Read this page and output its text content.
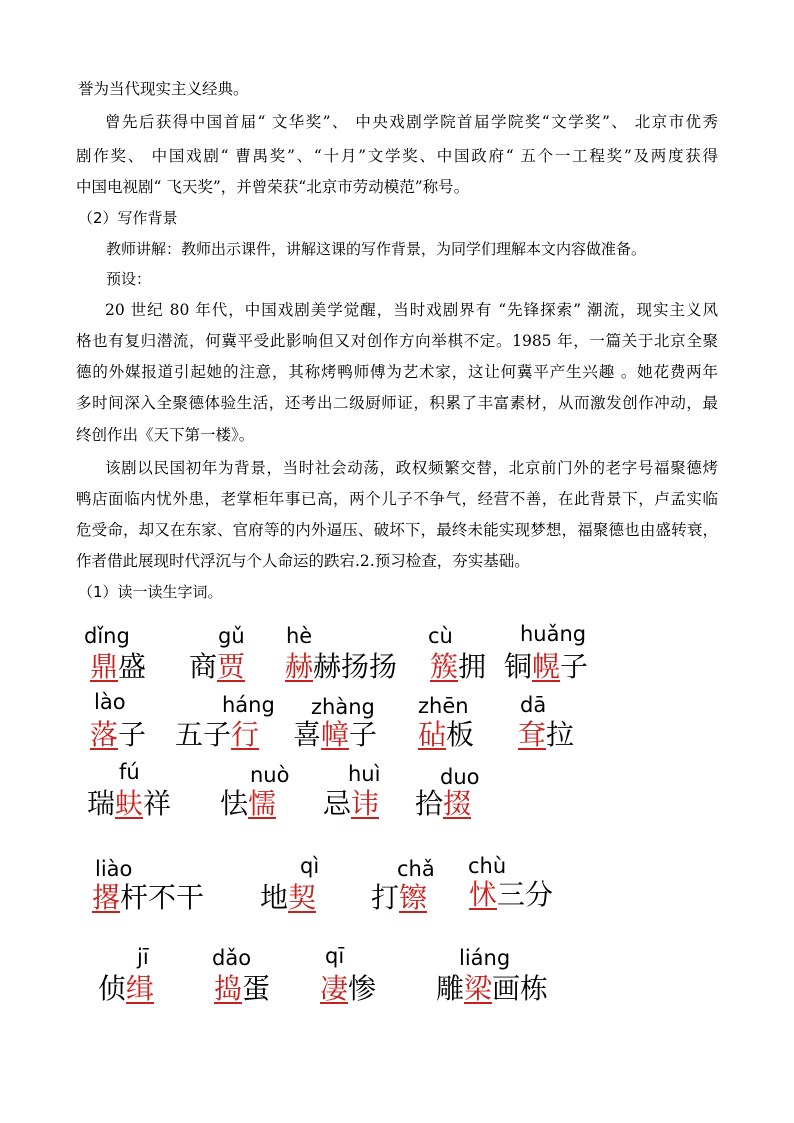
誉为当代现实主义经典。
曾先后获得中国首届“ 文华奖”、 中央戏剧学院首届学院奖“文学奖”、 北京市优秀
剧作奖、 中国戏剧“ 曹禺奖”、“十月”文学奖、中国政府“ 五个一工程奖”及两度获得
中国电视剧“ 飞天奖”，并曾荣获“北京市劳动模范”称号。
（2）写作背景
教师讲解：教师出示课件，讲解这课的写作背景，为同学们理解本文内容做准备。
预设：
20 世纪 80 年代，中国戏剧美学觉醒，当时戏剧界有 “先锋探索” 潮流，现实主义风
格也有复归潜流，何冀平受此影响但又对创作方向举棋不定。1985 年，一篇关于北京全聚
德的外媒报道引起她的注意，其称烤鸭师傅为艺术家，这让何冀平产生兴趣 。她花费两年
多时间深入全聚德体验生活，还考出二级厨师证，积累了丰富素材，从而激发创作冲动，最
终创作出《天下第一楼》。
该剧以民国初年为背景，当时社会动荡，政权频繁交替，北京前门外的老字号福聚德烤
鸭店面临内忧外患，老掌柜年事已高，两个儿子不争气，经营不善，在此背景下，卢孟实临
危受命，却又在东家、官府等的内外逼压、破坏下，最终未能实现梦想，福聚德也由盛转衰，
作者借此展现时代浮沉与个人命运的跌宕.2.预习检查，夯实基础。
（1）读一读生字词。
dǐng	gǔ hè	cù	huǎng
鼎盛 商贾 赫赫扬扬 簇拥 铜幌子
lào	háng zhàng zhēn dā
落子 五子行 喜幛子 砧板 耷拉
fú	nuò	huì	duo
瑞蚨祥 怯懦 忌讳 拾掇
liào	qì	chǎ chù
撂杆不干 地契 打镲 怵三分
jī	dǎo	qī	liáng
侦缉 捣蛋 凄惨 雕梁画栋
